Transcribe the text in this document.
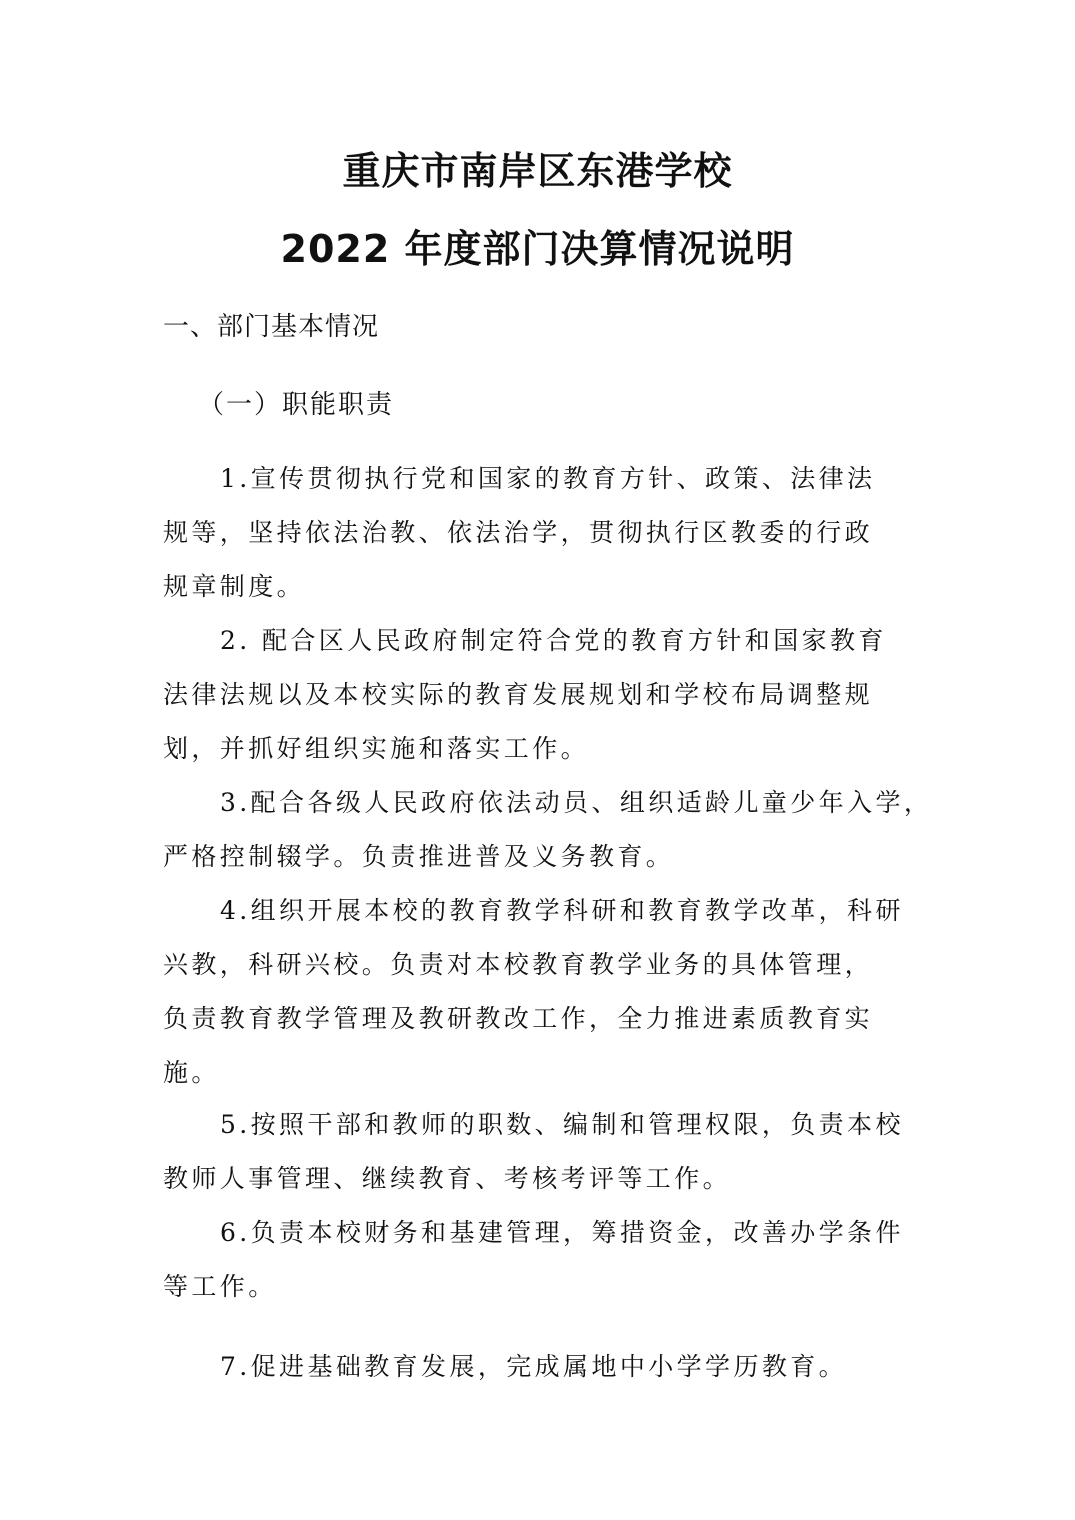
重庆市南岸区东港学校
2022 年度部门决算情况说明
一、部门基本情况
（一）职能职责
1.宣传贯彻执行党和国家的教育方针、政策、法律法
规等，坚持依法治教、依法治学，贯彻执行区教委的行政
规章制度。
2. 配合区人民政府制定符合党的教育方针和国家教育
法律法规以及本校实际的教育发展规划和学校布局调整规
划，并抓好组织实施和落实工作。
3.配合各级人民政府依法动员、组织适龄儿童少年入学，
严格控制辍学。负责推进普及义务教育。
4.组织开展本校的教育教学科研和教育教学改革，科研
兴教，科研兴校。负责对本校教育教学业务的具体管理，
负责教育教学管理及教研教改工作，全力推进素质教育实
施。
5.按照干部和教师的职数、编制和管理权限，负责本校
教师人事管理、继续教育、考核考评等工作。
6.负责本校财务和基建管理，筹措资金，改善办学条件
等工作。
7.促进基础教育发展，完成属地中小学学历教育。
